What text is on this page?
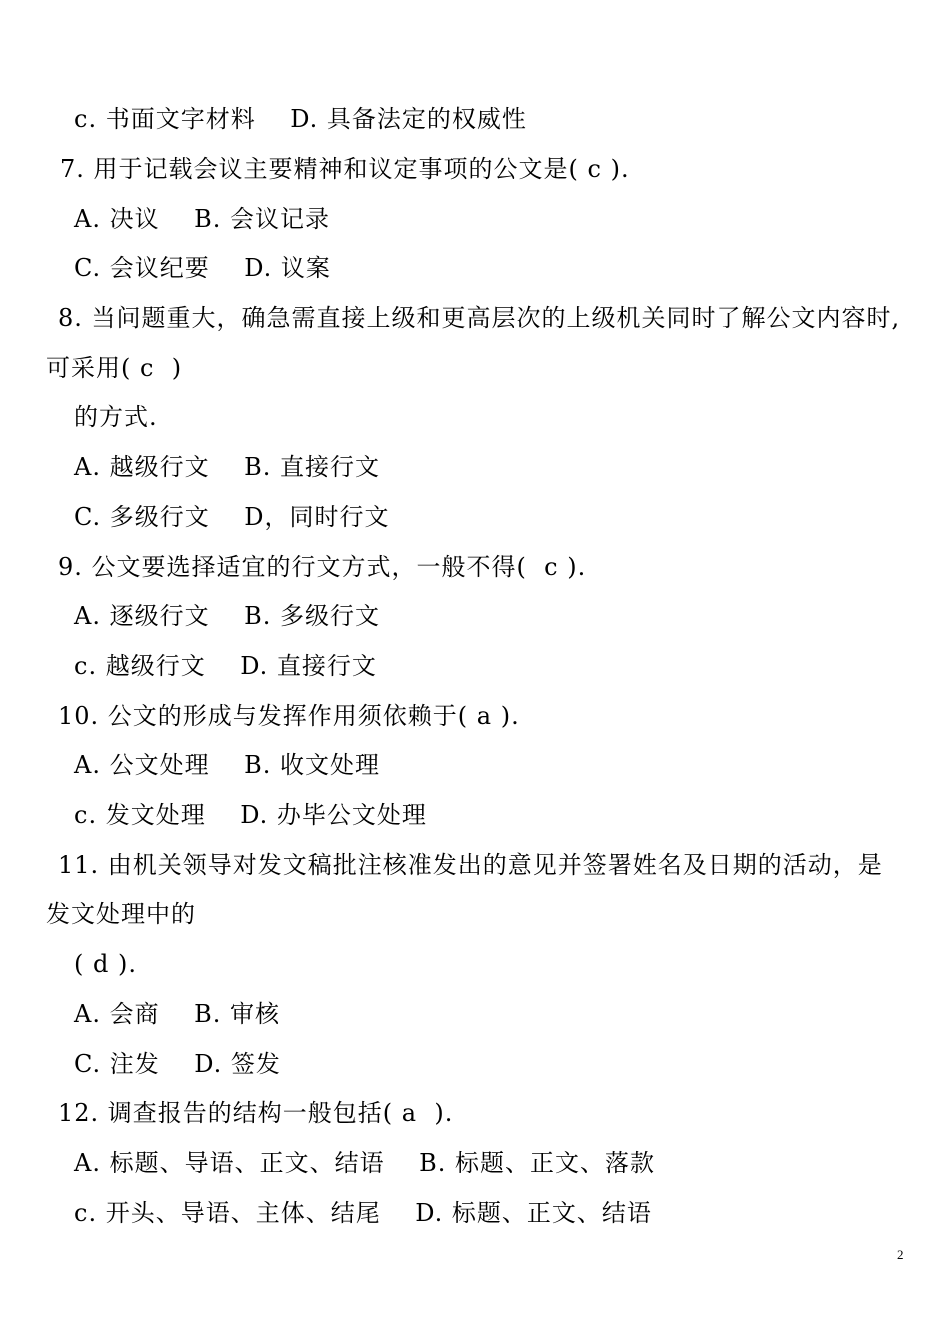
c. 书面文字材料    D. 具备法定的权威性
7. 用于记载会议主要精神和议定事项的公文是( c ).
A. 决议    B. 会议记录
C. 会议纪要    D. 议案
8. 当问题重大，确急需直接上级和更高层次的上级机关同时了解公文内容时,
可采用( c  )
的方式.
A. 越级行文    B. 直接行文
C. 多级行文    D，同时行文
9. 公文要选择适宜的行文方式，一般不得(  c ).
A. 逐级行文    B. 多级行文
c. 越级行文    D. 直接行文
10. 公文的形成与发挥作用须依赖于( a ).
A. 公文处理    B. 收文处理
c. 发文处理    D. 办毕公文处理
11. 由机关领导对发文稿批注核准发出的意见并签署姓名及日期的活动，是
发文处理中的
( d ).
A. 会商    B. 审核
C. 注发    D. 签发
12. 调查报告的结构一般包括( a  ).
A. 标题、导语、正文、结语    B. 标题、正文、落款
c. 开头、导语、主体、结尾    D. 标题、正文、结语
2
